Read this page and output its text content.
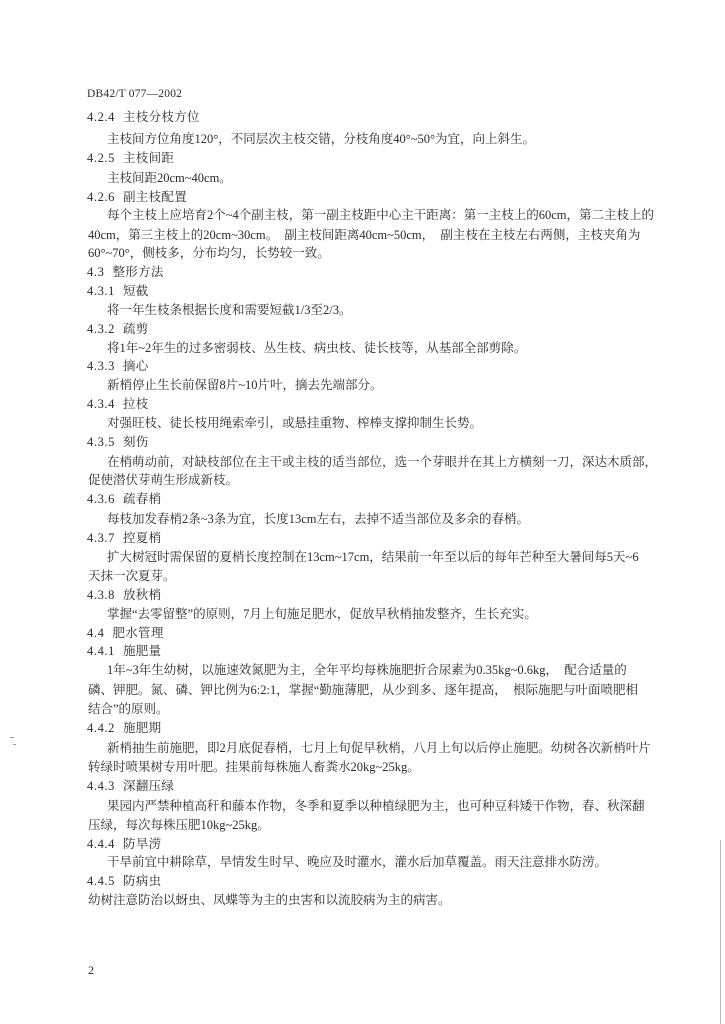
DB42/T 077—2002
4.2.4 主枝分枝方位
主枝间方位角度120°，不同层次主枝交错，分枝角度40°~50°为宜，向上斜生。
4.2.5 主枝间距
主枝间距20cm~40cm。
4.2.6 副主枝配置
每个主枝上应培育2个~4个副主枝，第一副主枝距中心主干距离：第一主枝上的60cm，第二主枝上的
40cm，第三主枝上的20cm~30cm。　副主枝间距离40cm~50cm，　副主枝在主枝左右两侧，主枝夹角为
60°~70°，侧枝多，分布均匀，长势较一致。
4.3 整形方法
4.3.1 短截
将一年生枝条根据长度和需要短截1/3至2/3。
4.3.2 疏剪
将1年~2年生的过多密弱枝、丛生枝、病虫枝、徒长枝等，从基部全部剪除。
4.3.3 摘心
新梢停止生长前保留8片~10片叶，摘去先端部分。
4.3.4 拉枝
对强旺枝、徒长枝用绳索牵引，或悬挂重物、榨棒支撑抑制生长势。
4.3.5 刻伤
在梢萌动前，对缺枝部位在主干或主枝的适当部位，选一个芽眼并在其上方横刻一刀，深达木质部，
促使潜伏芽萌生形成新枝。
4.3.6 疏春梢
每枝加发春梢2条~3条为宜，长度13cm左右，去掉不适当部位及多余的春梢。
4.3.7 控夏梢
扩大树冠时需保留的夏梢长度控制在13cm~17cm，结果前一年至以后的每年芒种至大暑间每5天~6
天抹一次夏芽。
4.3.8 放秋梢
掌握“去零留整”的原则，7月上旬施足肥水，促放早秋梢抽发整齐，生长充实。
4.4 肥水管理
4.4.1 施肥量
1年~3年生幼树，以施速效氮肥为主，全年平均每株施肥折合尿素为0.35kg~0.6kg，　配合适量的
磷、钾肥。氮、磷、钾比例为6:2:1，掌握“勤施薄肥，从少到多、逐年提高，　根际施肥与叶面喷肥相
结合”的原则。
4.4.2 施肥期
新梢抽生前施肥，即2月底促春梢，七月上旬促早秋梢，八月上旬以后停止施肥。幼树各次新梢叶片
转绿时喷果树专用叶肥。挂果前每株施人畜粪水20kg~25kg。
4.4.3 深翻压绿
果园内严禁种植高秆和藤本作物，冬季和夏季以种植绿肥为主，也可种豆科矮干作物，春、秋深翻
压绿，每次每株压肥10kg~25kg。
4.4.4 防旱涝
干旱前宜中耕除草，旱情发生时早、晚应及时灌水，灌水后加草覆盖。雨天注意排水防涝。
4.4.5 防病虫
幼树注意防治以蚜虫、凤蝶等为主的虫害和以流胶病为主的病害。
2
